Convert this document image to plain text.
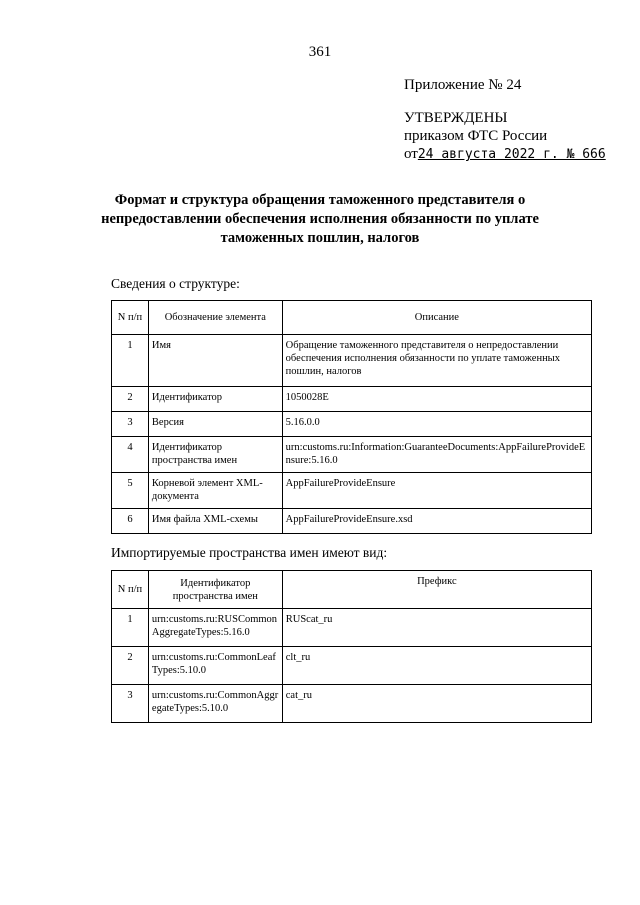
361
Приложение № 24
УТВЕРЖДЕНЫ
приказом ФТС России
от24 августа 2022 г. № 666
Формат и структура обращения таможенного представителя о непредоставлении обеспечения исполнения обязанности по уплате таможенных пошлин, налогов
Сведения о структуре:
N п/п	Обозначение элемента	Описание
1	Имя	Обращение таможенного представителя о непредоставлении обеспечения исполнения обязанности по уплате таможенных пошлин, налогов
2	Идентификатор	1050028E
3	Версия	5.16.0.0
4	Идентификатор пространства имен	urn:customs.ru:Information:GuaranteeDocuments:AppFailureProvideEnsure:5.16.0
5	Корневой элемент XML-документа	AppFailureProvideEnsure
6	Имя файла XML-схемы	AppFailureProvideEnsure.xsd
Импортируемые пространства имен имеют вид:
N п/п	Идентификатор пространства имен	Префикс
1	urn:customs.ru:RUSCommonAggregateTypes:5.16.0	RUScat_ru
2	urn:customs.ru:CommonLeafTypes:5.10.0	clt_ru
3	urn:customs.ru:CommonAggregateTypes:5.10.0	cat_ru
